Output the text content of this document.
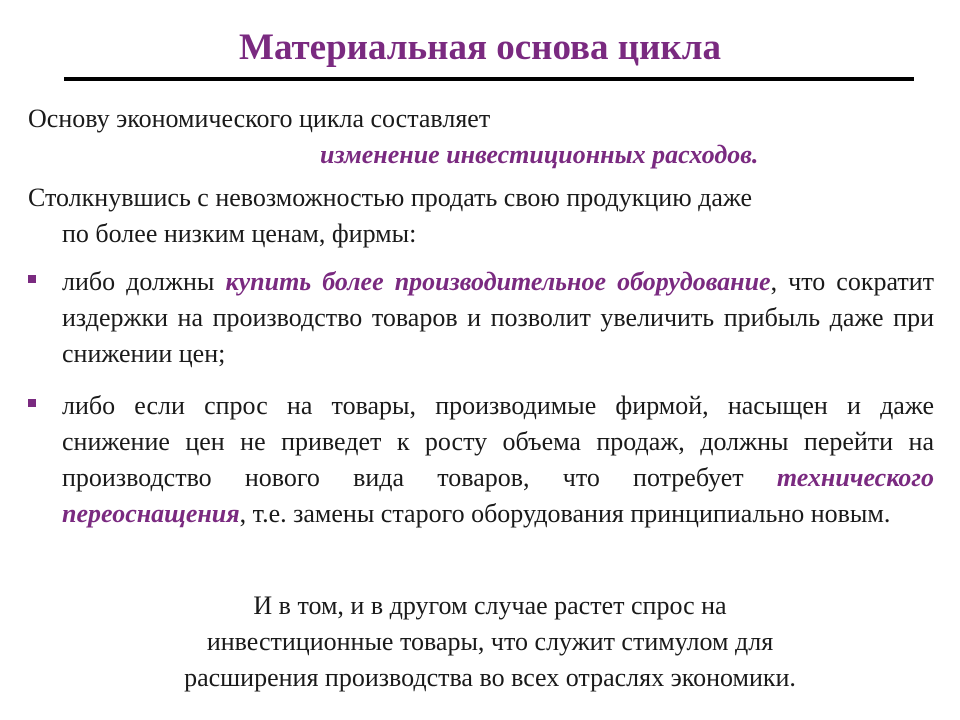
Материальная основа цикла
Основу экономического цикла составляет
изменение инвестиционных расходов.
Столкнувшись с невозможностью продать свою продукцию даже
по более низким ценам, фирмы:
либо должны купить более производительное оборудование, что сократит издержки на производство товаров и позволит увеличить прибыль даже при снижении цен;
либо если спрос на товары, производимые фирмой, насыщен и даже снижение цен не приведет к росту объема продаж, должны перейти на производство нового вида товаров, что потребует технического переоснащения, т.е. замены старого оборудования принципиально новым.
И в том, и в другом случае растет спрос на
инвестиционные товары, что служит стимулом для
расширения производства во всех отраслях экономики.
